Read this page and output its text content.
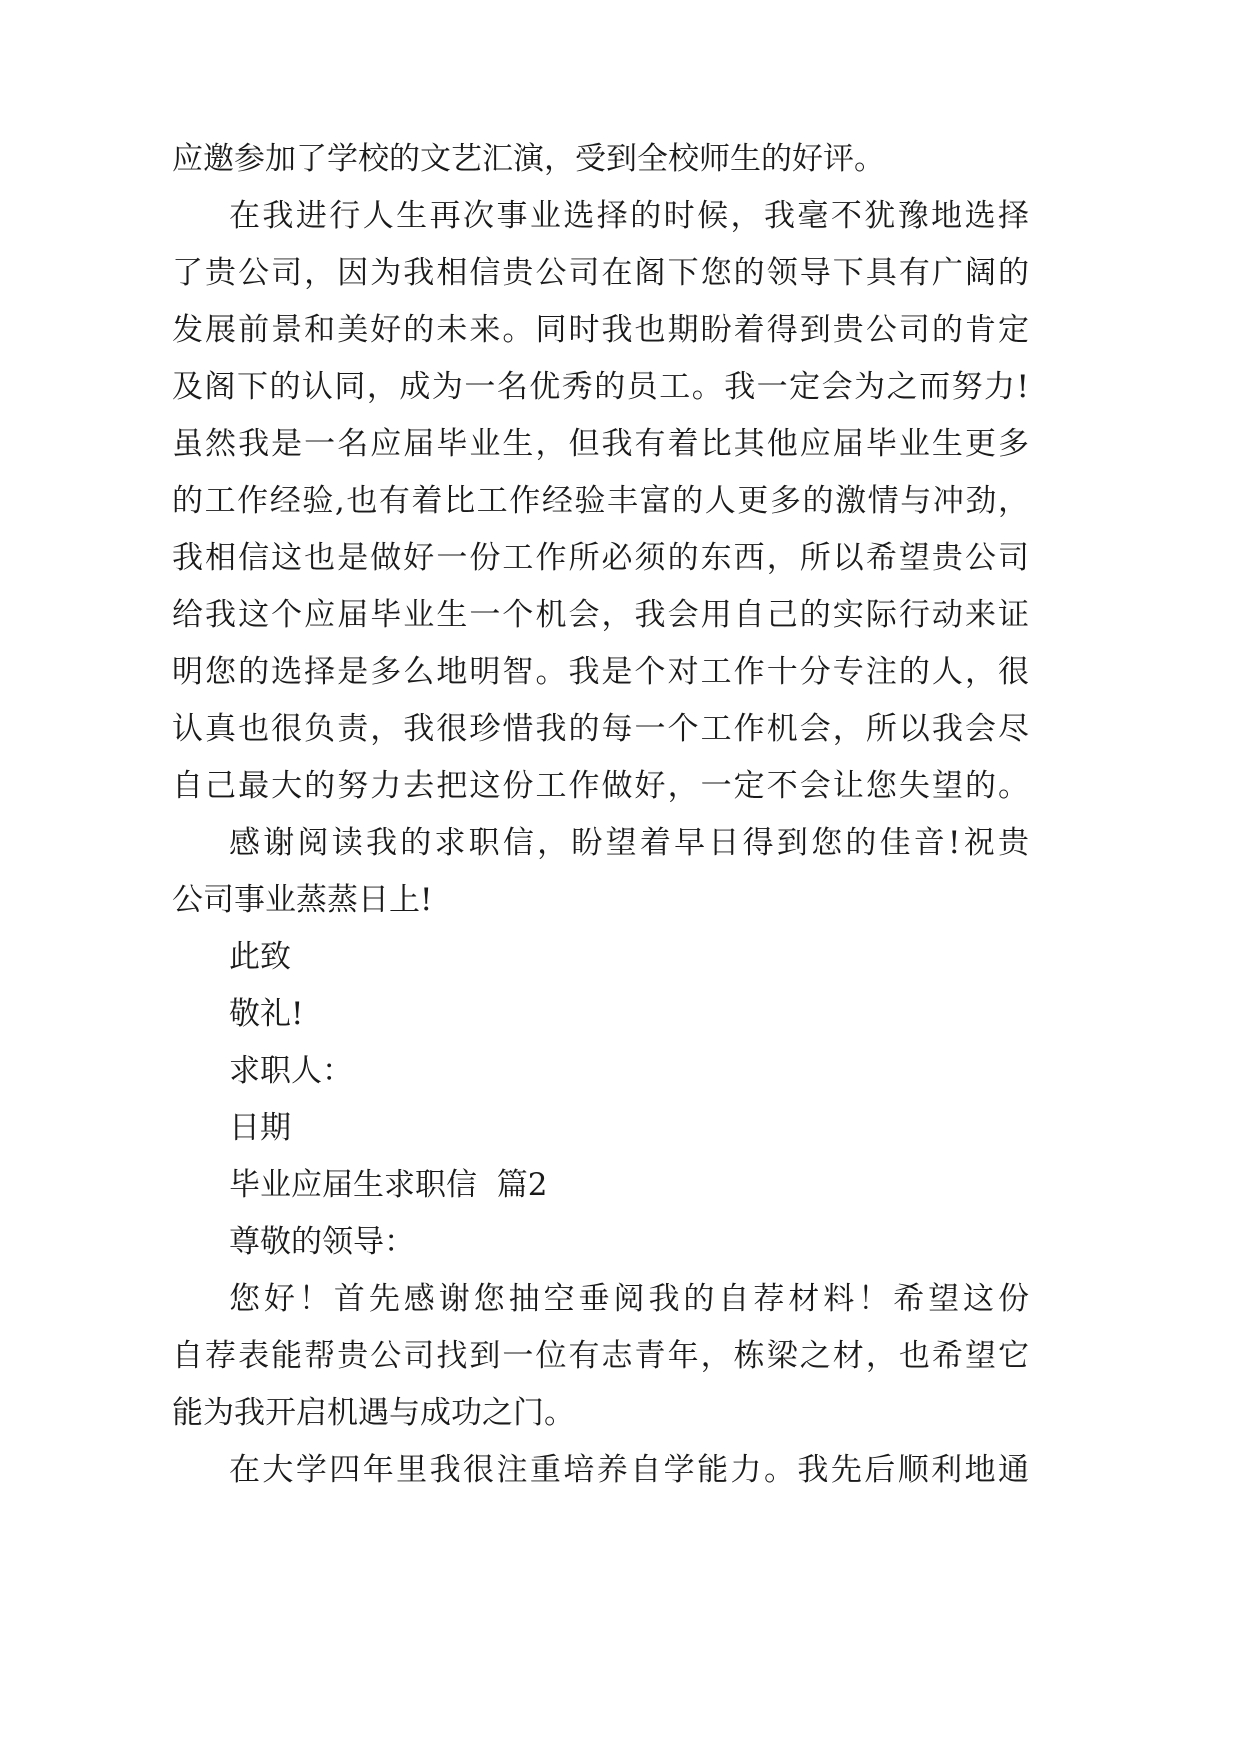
应邀参加了学校的文艺汇演，受到全校师生的好评。
在我进行人生再次事业选择的时候，我毫不犹豫地选择
了贵公司，因为我相信贵公司在阁下您的领导下具有广阔的
发展前景和美好的未来。同时我也期盼着得到贵公司的肯定
及阁下的认同，成为一名优秀的员工。我一定会为之而努力!
虽然我是一名应届毕业生，但我有着比其他应届毕业生更多
的工作经验,也有着比工作经验丰富的人更多的激情与冲劲，
我相信这也是做好一份工作所必须的东西，所以希望贵公司
给我这个应届毕业生一个机会，我会用自己的实际行动来证
明您的选择是多么地明智。我是个对工作十分专注的人，很
认真也很负责，我很珍惜我的每一个工作机会，所以我会尽
自己最大的努力去把这份工作做好，一定不会让您失望的。
感谢阅读我的求职信，盼望着早日得到您的佳音!祝贵
公司事业蒸蒸日上!
此致
敬礼!
求职人：
日期
毕业应届生求职信  篇2
尊敬的领导：
您好！首先感谢您抽空垂阅我的自荐材料！希望这份
自荐表能帮贵公司找到一位有志青年，栋梁之材，也希望它
能为我开启机遇与成功之门。
在大学四年里我很注重培养自学能力。我先后顺利地通
